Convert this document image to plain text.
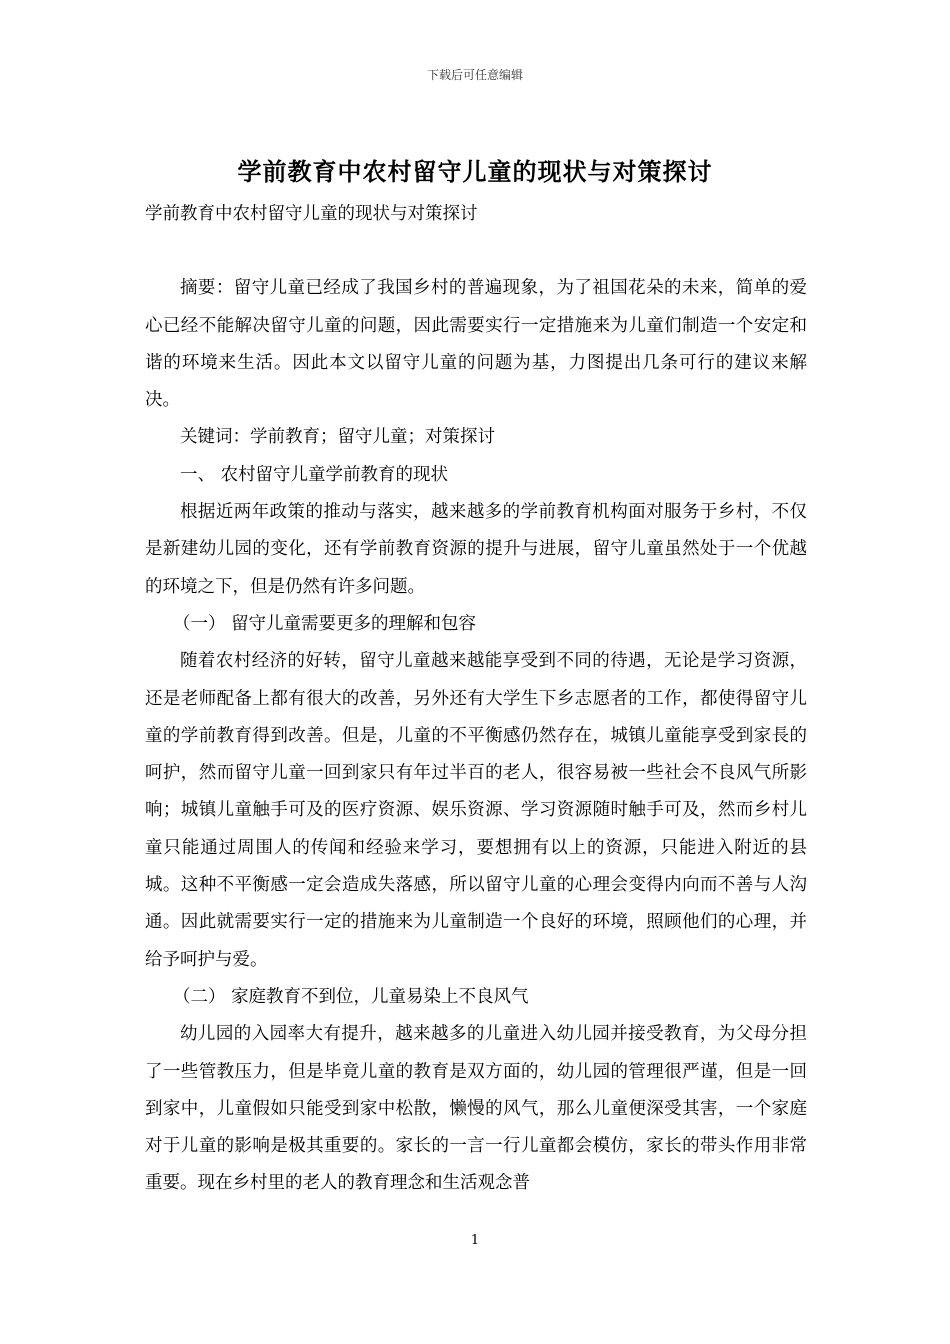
下载后可任意编辑
学前教育中农村留守儿童的现状与对策探讨

学前教育中农村留守儿童的现状与对策探讨

摘要：留守儿童已经成了我国乡村的普遍现象，为了祖国花朵的未来，简单的爱心已经不能解决留守儿童的问题，因此需要实行一定措施来为儿童们制造一个安定和谐的环境来生活。因此本文以留守儿童的问题为基，力图提出几条可行的建议来解决。

关键词：学前教育；留守儿童；对策探讨

一、 农村留守儿童学前教育的现状

根据近两年政策的推动与落实，越来越多的学前教育机构面对服务于乡村，不仅是新建幼儿园的变化，还有学前教育资源的提升与进展，留守儿童虽然处于一个优越的环境之下，但是仍然有许多问题。

（一） 留守儿童需要更多的理解和包容

随着农村经济的好转，留守儿童越来越能享受到不同的待遇，无论是学习资源，还是老师配备上都有很大的改善，另外还有大学生下乡志愿者的工作，都使得留守儿童的学前教育得到改善。但是，儿童的不平衡感仍然存在，城镇儿童能享受到家長的呵护，然而留守儿童一回到家只有年过半百的老人，很容易被一些社会不良风气所影响；城镇儿童触手可及的医疗资源、娱乐资源、学习资源随时触手可及，然而乡村儿童只能通过周围人的传闻和经验来学习，要想拥有以上的资源，只能进入附近的县城。这种不平衡感一定会造成失落感，所以留守儿童的心理会变得内向而不善与人沟通。因此就需要实行一定的措施来为儿童制造一个良好的环境，照顾他们的心理，并给予呵护与爱。

（二） 家庭教育不到位，儿童易染上不良风气

幼儿园的入园率大有提升，越来越多的儿童进入幼儿园并接受教育，为父母分担了一些管教压力，但是毕竟儿童的教育是双方面的，幼儿园的管理很严谨，但是一回到家中，儿童假如只能受到家中松散，懒慢的风气，那么儿童便深受其害，一个家庭对于儿童的影响是极其重要的。家长的一言一行儿童都会模仿，家长的带头作用非常重要。现在乡村里的老人的教育理念和生活观念普

1
